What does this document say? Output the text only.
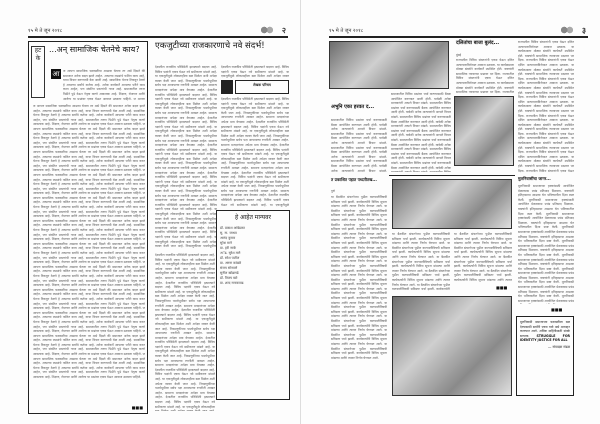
१५ मे ते जून २०१८	२
हट के
...अन् सामाजिक चेतनेचे काय?
आ	ज आपण सामाजिक चळवळीचा आढावा घेतला तर असे दिसते की समाजात अनेक बदल झाले आहेत. आपल्या लढ्यांचे फलित काय आहे, याचा विचार करण्याची वेळ आली आहे. सामाजिक चेतना टिकवून ठेवणे हे आपल्या सर्वांचे कर्तव्य आहे. अनेक कार्यकर्ते आपल्या परीने काम करत आहेत, पण संघटित प्रयत्नांची गरज आहे. समाजातील तरुण पिढीने पुढे येऊन नेतृत्व करणे आवश्यक आहे. शिक्षण, रोजगार आणि आरोग्य या प्रश्नांवर एकत्र येऊन आवाज उठवला पाहिजे. ज आपण
ज आपण सामाजिक चळवळीचा आढावा घेतला तर असे दिसते की समाजात अनेक बदल झाले आहेत. आपल्या लढ्यांचे फलित काय आहे, याचा विचार करण्याची वेळ आली आहे. सामाजिक चेतना टिकवून ठेवणे हे आपल्या सर्वांचे कर्तव्य आहे. अनेक कार्यकर्ते आपल्या परीने काम करत आहेत, पण संघटित प्रयत्नांची गरज आहे. समाजातील तरुण पिढीने पुढे येऊन नेतृत्व करणे आवश्यक आहे. शिक्षण, रोजगार आणि आरोग्य या प्रश्नांवर एकत्र येऊन आवाज उठवला पाहिजे. ज आपण सामाजिक चळवळीचा आढावा घेतला तर असे दिसते की समाजात अनेक बदल झाले आहेत. आपल्या लढ्यांचे फलित काय आहे, याचा विचार करण्याची वेळ आली आहे. सामाजिक चेतना टिकवून ठेवणे हे आपल्या सर्वांचे कर्तव्य आहे. अनेक कार्यकर्ते आपल्या परीने काम करत आहेत, पण संघटित प्रयत्नांची गरज आहे. समाजातील तरुण पिढीने पुढे येऊन नेतृत्व करणे आवश्यक आहे. शिक्षण, रोजगार आणि आरोग्य या प्रश्नांवर एकत्र येऊन आवाज उठवला पाहिजे. ज आपण सामाजिक चळवळीचा आढावा घेतला तर असे दिसते की समाजात अनेक बदल झाले आहेत. आपल्या लढ्यांचे फलित काय आहे, याचा विचार करण्याची वेळ आली आहे. सामाजिक चेतना टिकवून ठेवणे हे आपल्या सर्वांचे कर्तव्य आहे. अनेक कार्यकर्ते आपल्या परीने काम करत आहेत, पण संघटित प्रयत्नांची गरज आहे. समाजातील तरुण पिढीने पुढे येऊन नेतृत्व करणे आवश्यक आहे. शिक्षण, रोजगार आणि आरोग्य या प्रश्नांवर एकत्र येऊन आवाज उठवला पाहिजे. ज आपण सामाजिक चळवळीचा आढावा घेतला तर असे दिसते की समाजात अनेक बदल झाले आहेत. आपल्या लढ्यांचे फलित काय आहे, याचा विचार करण्याची वेळ आली आहे. सामाजिक चेतना टिकवून ठेवणे हे आपल्या सर्वांचे कर्तव्य आहे. अनेक कार्यकर्ते आपल्या परीने काम करत आहेत, पण संघटित प्रयत्नांची गरज आहे. समाजातील तरुण पिढीने पुढे येऊन नेतृत्व करणे आवश्यक आहे. शिक्षण, रोजगार आणि आरोग्य या प्रश्नांवर एकत्र येऊन आवाज उठवला पाहिजे. ज आपण सामाजिक चळवळीचा आढावा घेतला तर असे दिसते की समाजात अनेक बदल झाले आहेत. आपल्या लढ्यांचे फलित काय आहे, याचा विचार करण्याची वेळ आली आहे. सामाजिक चेतना टिकवून ठेवणे हे आपल्या सर्वांचे कर्तव्य आहे. अनेक कार्यकर्ते आपल्या परीने काम करत आहेत, पण संघटित प्रयत्नांची गरज आहे. समाजातील तरुण पिढीने पुढे येऊन नेतृत्व करणे आवश्यक आहे. शिक्षण, रोजगार आणि आरोग्य या प्रश्नांवर एकत्र येऊन आवाज उठवला पाहिजे. ज आपण सामाजिक चळवळीचा आढावा घेतला तर असे दिसते की समाजात अनेक बदल झाले आहेत. आपल्या लढ्यांचे फलित काय आहे, याचा विचार करण्याची वेळ आली आहे. सामाजिक चेतना टिकवून ठेवणे हे आपल्या सर्वांचे कर्तव्य आहे. अनेक कार्यकर्ते आपल्या परीने काम करत आहेत, पण संघटित प्रयत्नांची गरज आहे. समाजातील तरुण पिढीने पुढे येऊन नेतृत्व करणे आवश्यक आहे. शिक्षण, रोजगार आणि आरोग्य या प्रश्नांवर एकत्र येऊन आवाज उठवला पाहिजे. ज आपण सामाजिक चळवळीचा आढावा घेतला तर असे दिसते की समाजात अनेक बदल झाले आहेत. आपल्या लढ्यांचे फलित काय आहे, याचा विचार करण्याची वेळ आली आहे. सामाजिक चेतना टिकवून ठेवणे हे आपल्या सर्वांचे कर्तव्य आहे. अनेक कार्यकर्ते आपल्या परीने काम करत आहेत, पण संघटित प्रयत्नांची गरज आहे. समाजातील तरुण पिढीने पुढे येऊन नेतृत्व करणे आवश्यक आहे. शिक्षण, रोजगार आणि आरोग्य या प्रश्नांवर एकत्र येऊन आवाज उठवला पाहिजे. ज आपण सामाजिक चळवळीचा आढावा घेतला तर असे दिसते की समाजात अनेक बदल झाले आहेत. आपल्या लढ्यांचे फलित काय आहे, याचा विचार करण्याची वेळ आली आहे. सामाजिक चेतना टिकवून ठेवणे हे आपल्या सर्वांचे कर्तव्य आहे. अनेक कार्यकर्ते आपल्या परीने काम करत आहेत, पण संघटित प्रयत्नांची गरज आहे. समाजातील तरुण पिढीने पुढे येऊन नेतृत्व करणे आवश्यक आहे. शिक्षण, रोजगार आणि आरोग्य या प्रश्नांवर एकत्र येऊन आवाज उठवला पाहिजे. ज आपण सामाजिक चळवळीचा आढावा घेतला तर असे दिसते की समाजात अनेक बदल झाले आहेत. आपल्या लढ्यांचे फलित काय आहे, याचा विचार करण्याची वेळ आली आहे. सामाजिक चेतना टिकवून ठेवणे हे आपल्या सर्वांचे कर्तव्य आहे. अनेक कार्यकर्ते आपल्या परीने काम करत आहेत, पण संघटित प्रयत्नांची गरज आहे. समाजातील तरुण पिढीने पुढे येऊन नेतृत्व करणे आवश्यक आहे. शिक्षण, रोजगार आणि आरोग्य या प्रश्नांवर एकत्र येऊन आवाज उठवला पाहिजे. ज आपण सामाजिक चळवळीचा आढावा घेतला तर असे दिसते की समाजात अनेक बदल झाले आहेत. आपल्या लढ्यांचे फलित काय आहे, याचा विचार करण्याची वेळ आली आहे. सामाजिक चेतना टिकवून ठेवणे हे आपल्या सर्वांचे कर्तव्य आहे. अनेक कार्यकर्ते आपल्या परीने काम करत आहेत, पण संघटित प्रयत्नांची गरज आहे. समाजातील तरुण पिढीने पुढे येऊन नेतृत्व करणे आवश्यक आहे. शिक्षण, रोजगार आणि आरोग्य या प्रश्नांवर एकत्र येऊन आवाज उठवला पाहिजे. ज आपण सामाजिक चळवळीचा आढावा घेतला तर असे दिसते की समाजात अनेक बदल झाले आहेत. आपल्या लढ्यांचे फलित काय आहे, याचा विचार करण्याची वेळ आली आहे. सामाजिक चेतना टिकवून ठेवणे हे आपल्या सर्वांचे कर्तव्य आहे. अनेक कार्यकर्ते आपल्या परीने काम करत आहेत, पण संघटित प्रयत्नांची गरज आहे. समाजातील तरुण पिढीने पुढे येऊन नेतृत्व करणे आवश्यक आहे. शिक्षण, रोजगार आणि आरोग्य या प्रश्नांवर एकत्र येऊन आवाज उठवला पाहिजे. ज आपण सामाजिक चळवळीचा आढावा घेतला तर असे दिसते की समाजात अनेक बदल झाले आहेत. आपल्या लढ्यांचे फलित काय आहे, याचा विचार करण्याची वेळ आली आहे. सामाजिक चेतना टिकवून ठेवणे हे आपल्या सर्वांचे कर्तव्य आहे. अनेक कार्यकर्ते आपल्या परीने काम करत आहेत, पण संघटित प्रयत्नांची गरज आहे. समाजातील तरुण पिढीने पुढे येऊन नेतृत्व करणे आवश्यक आहे. शिक्षण, रोजगार आणि आरोग्य या प्रश्नांवर एकत्र येऊन आवाज उठवला पाहिजे.
■■■
एकजुटीच्या राजकारणाचे नवे संदर्भ!
देशातील राजकीय परिस्थिती झपाट्याने बदलत आहे. विविध पक्षांनी एकत्र येऊन नवे समीकरण मांडले आहे. या एकजुटीमुळे लोकशाहीला बळ मिळेल अशी अपेक्षा व्यक्त केली जात आहे. निवडणुकीच्या पार्श्वभूमीवर सर्वच पक्ष आपापल्या रणनीती आखत आहेत. सामान्य मतदारांच्या अपेक्षा मात्र वेगळ्या आहेत. देशातील राजकीय परिस्थिती झपाट्याने बदलत आहे. विविध पक्षांनी एकत्र येऊन नवे समीकरण मांडले आहे. या एकजुटीमुळे लोकशाहीला बळ मिळेल अशी अपेक्षा व्यक्त केली जात आहे. निवडणुकीच्या पार्श्वभूमीवर सर्वच पक्ष आपापल्या रणनीती आखत आहेत. सामान्य मतदारांच्या अपेक्षा मात्र वेगळ्या आहेत. देशातील राजकीय परिस्थिती झपाट्याने बदलत आहे. विविध पक्षांनी एकत्र येऊन नवे समीकरण मांडले आहे. या एकजुटीमुळे लोकशाहीला बळ मिळेल अशी अपेक्षा व्यक्त केली जात आहे. निवडणुकीच्या पार्श्वभूमीवर सर्वच पक्ष आपापल्या रणनीती आखत आहेत. सामान्य मतदारांच्या अपेक्षा मात्र वेगळ्या आहेत. देशातील राजकीय परिस्थिती झपाट्याने बदलत आहे. विविध पक्षांनी एकत्र येऊन नवे समीकरण मांडले आहे. या एकजुटीमुळे लोकशाहीला बळ मिळेल अशी अपेक्षा व्यक्त केली जात आहे. निवडणुकीच्या पार्श्वभूमीवर सर्वच पक्ष आपापल्या रणनीती आखत आहेत. सामान्य मतदारांच्या अपेक्षा मात्र वेगळ्या आहेत. देशातील राजकीय परिस्थिती झपाट्याने बदलत आहे. विविध पक्षांनी एकत्र येऊन नवे समीकरण मांडले आहे. या एकजुटीमुळे लोकशाहीला बळ मिळेल अशी अपेक्षा व्यक्त केली जात आहे. निवडणुकीच्या पार्श्वभूमीवर सर्वच पक्ष आपापल्या रणनीती आखत आहेत. सामान्य मतदारांच्या अपेक्षा मात्र वेगळ्या आहेत. देशातील राजकीय परिस्थिती झपाट्याने बदलत आहे. विविध पक्षांनी एकत्र येऊन नवे समीकरण मांडले आहे. या एकजुटीमुळे लोकशाहीला बळ मिळेल अशी अपेक्षा व्यक्त केली जात आहे. निवडणुकीच्या पार्श्वभूमीवर सर्वच पक्ष आपापल्या रणनीती आखत आहेत. सामान्य मतदारांच्या अपेक्षा मात्र वेगळ्या आहेत. देशातील राजकीय परिस्थिती झपाट्याने बदलत आहे. विविध पक्षांनी एकत्र येऊन नवे समीकरण मांडले आहे. या एकजुटीमुळे लोकशाहीला बळ मिळेल अशी अपेक्षा व्यक्त केली जात आहे. निवडणुकीच्या पार्श्वभूमीवर
देशातील राजकीय परिस्थिती झपाट्याने बदलत आहे. विविध पक्षांनी एकत्र येऊन नवे समीकरण मांडले आहे. या एकजुटीमुळे लोकशाहीला बळ मिळेल अशी अपेक्षा व्यक्त
लेखक परिचय
देशातील राजकीय परिस्थिती झपाट्याने बदलत आहे. विविध पक्षांनी एकत्र येऊन नवे समीकरण मांडले आहे. या एकजुटीमुळे लोकशाहीला बळ मिळेल अशी अपेक्षा व्यक्त केली जात आहे. निवडणुकीच्या पार्श्वभूमीवर सर्वच पक्ष आपापल्या रणनीती आखत आहेत. सामान्य मतदारांच्या अपेक्षा मात्र वेगळ्या आहेत. देशातील राजकीय परिस्थिती झपाट्याने बदलत आहे. विविध पक्षांनी एकत्र येऊन नवे समीकरण मांडले आहे. या एकजुटीमुळे लोकशाहीला बळ मिळेल अशी अपेक्षा व्यक्त केली जात आहे. निवडणुकीच्या पार्श्वभूमीवर सर्वच पक्ष आपापल्या रणनीती आखत आहेत. सामान्य मतदारांच्या अपेक्षा मात्र वेगळ्या आहेत. देशातील राजकीय परिस्थिती झपाट्याने बदलत आहे. विविध पक्षांनी एकत्र येऊन नवे समीकरण मांडले आहे. या एकजुटीमुळे लोकशाहीला बळ मिळेल अशी अपेक्षा व्यक्त केली जात आहे. निवडणुकीच्या पार्श्वभूमीवर सर्वच पक्ष आपापल्या रणनीती आखत आहेत. सामान्य मतदारांच्या अपेक्षा मात्र वेगळ्या आहेत. देशातील राजकीय परिस्थिती झपाट्याने बदलत आहे. विविध पक्षांनी एकत्र येऊन नवे समीकरण मांडले आहे. या एकजुटीमुळे लोकशाहीला बळ मिळेल अशी अपेक्षा व्यक्त केली जात आहे. निवडणुकीच्या पार्श्वभूमीवर सर्वच पक्ष आपापल्या रणनीती आखत आहेत. सामान्य मतदारांच्या अपेक्षा मात्र वेगळ्या आहेत. देशातील राजकीय परिस्थिती झपाट्याने बदलत आहे. विविध पक्षांनी एकत्र येऊन नवे समीकरण मांडले आहे. या एकजुटीमुळे
देशातील राजकीय परिस्थिती झपाट्याने बदलत आहे. विविध पक्षांनी एकत्र येऊन नवे समीकरण मांडले आहे. या एकजुटीमुळे लोकशाहीला बळ मिळेल अशी अपेक्षा व्यक्त केली जात आहे. निवडणुकीच्या पार्श्वभूमीवर सर्वच पक्ष आपापल्या रणनीती आखत आहेत. सामान्य मतदारांच्या अपेक्षा मात्र वेगळ्या आहेत. देशातील राजकीय परिस्थिती झपाट्याने बदलत आहे. विविध पक्षांनी एकत्र येऊन नवे समीकरण मांडले आहे. या एकजुटीमुळे लोकशाहीला बळ मिळेल अशी अपेक्षा व्यक्त केली जात आहे. निवडणुकीच्या पार्श्वभूमीवर सर्वच पक्ष आपापल्या रणनीती आखत आहेत. सामान्य मतदारांच्या अपेक्षा मात्र वेगळ्या आहेत. देशातील राजकीय परिस्थिती झपाट्याने बदलत आहे. विविध पक्षांनी एकत्र येऊन नवे समीकरण मांडले आहे. या एकजुटीमुळे लोकशाहीला बळ मिळेल अशी अपेक्षा व्यक्त केली जात आहे. निवडणुकीच्या पार्श्वभूमीवर सर्वच पक्ष आपापल्या रणनीती आखत आहेत. सामान्य मतदारांच्या अपेक्षा मात्र वेगळ्या आहेत. देशातील राजकीय परिस्थिती झपाट्याने बदलत आहे. विविध पक्षांनी एकत्र येऊन नवे समीकरण मांडले आहे. या एकजुटीमुळे लोकशाहीला बळ मिळेल अशी अपेक्षा व्यक्त केली जात आहे. निवडणुकीच्या पार्श्वभूमीवर सर्वच पक्ष आपापल्या रणनीती आखत आहेत. सामान्य मतदारांच्या अपेक्षा मात्र वेगळ्या आहेत. देशातील राजकीय परिस्थिती झपाट्याने बदलत आहे. विविध पक्षांनी एकत्र येऊन नवे समीकरण मांडले आहे. या एकजुटीमुळे लोकशाहीला बळ मिळेल अशी अपेक्षा व्यक्त केली जात आहे. निवडणुकीच्या पार्श्वभूमीवर सर्वच पक्ष आपापल्या रणनीती आखत आहेत. सामान्य मतदारांच्या अपेक्षा मात्र वेगळ्या आहेत. देशातील राजकीय परिस्थिती झपाट्याने बदलत आहे. विविध पक्षांनी एकत्र येऊन नवे समीकरण मांडले आहे. या एकजुटीमुळे लोकशाहीला
हे आहेत मान्यवर
डॉ. प्रकाश आंबेडकर
सु. ना. जाधव
आनंद कुमार
सुरेश माने
प्रा. हरी नरके
अॅड. सुरेश माने
डॉ. रमेश पाटील
प्रा. अरुण कांबळे
संजय सोनवणे
सुनील खोब्रागडे
डॉ. विजय खरे
प्रा. शरद गायकवाड
१५ मे ते जून २०१८	३
अभुनि एका हरवत द...
समाजातील विविध प्रश्नांवर चर्चा करण्यासाठी बैठक आयोजित करण्यात आली होती. यावेळी अनेक मान्यवरांनी आपले विचार मांडले. समाजातील विविध प्रश्नांवर चर्चा करण्यासाठी बैठक आयोजित करण्यात आली होती. यावेळी अनेक मान्यवरांनी आपले विचार मांडले. समाजातील विविध प्रश्नांवर चर्चा करण्यासाठी बैठक आयोजित करण्यात आली होती. यावेळी अनेक मान्यवरांनी आपले विचार मांडले. समाजातील विविध प्रश्नांवर चर्चा करण्यासाठी बैठक आयोजित करण्यात आली होती. यावेळी अनेक मान्यवरांनी आपले विचार मांडले.
समाजातील विविध प्रश्नांवर चर्चा करण्यासाठी बैठक आयोजित करण्यात आली होती. यावेळी अनेक मान्यवरांनी आपले विचार मांडले. समाजातील विविध प्रश्नांवर चर्चा करण्यासाठी बैठक आयोजित करण्यात आली होती. यावेळी अनेक मान्यवरांनी आपले विचार मांडले. समाजातील विविध प्रश्नांवर चर्चा करण्यासाठी बैठक आयोजित करण्यात आली होती. यावेळी अनेक मान्यवरांनी आपले विचार मांडले. समाजातील विविध प्रश्नांवर चर्चा करण्यासाठी बैठक आयोजित करण्यात आली होती. यावेळी अनेक मान्यवरांनी आपले विचार मांडले. समाजातील विविध प्रश्नांवर चर्चा करण्यासाठी बैठक आयोजित करण्यात आली होती. यावेळी अनेक मान्यवरांनी आपले विचार मांडले. समाजातील विविध प्रश्नांवर चर्चा करण्यासाठी बैठक आयोजित करण्यात आली होती. यावेळी अनेक मान्यवरांनी आपले विचार मांडले. समाजातील विविध प्रश्नांवर चर्चा करण्यासाठी बैठक आयोजित करण्यात आली होती. यावेळी अनेक
दलितांचा बाजा बुलंद...
मुंबई
राज्यातील विविध संघटनांनी एकत्र येऊन दलित अत्याचाराविरोधात आवाज उठवला. या कार्यक्रमाला मोठ्या संख्येने कार्यकर्ते उपस्थित होते. वक्त्यांनी सामाजिक न्यायाच्या प्रश्नावर भर दिला. राज्यातील विविध संघटनांनी एकत्र येऊन दलित अत्याचाराविरोधात आवाज उठवला. या कार्यक्रमाला मोठ्या संख्येने कार्यकर्ते उपस्थित होते. वक्त्यांनी सामाजिक न्यायाच्या प्रश्नावर भर दिला. राज्यातील
राज्यातील विविध संघटनांनी एकत्र येऊन दलित अत्याचाराविरोधात आवाज उठवला. या कार्यक्रमाला मोठ्या संख्येने कार्यकर्ते उपस्थित होते. वक्त्यांनी सामाजिक न्यायाच्या प्रश्नावर भर दिला. राज्यातील विविध संघटनांनी एकत्र येऊन दलित अत्याचाराविरोधात आवाज उठवला. या कार्यक्रमाला मोठ्या संख्येने कार्यकर्ते उपस्थित होते. वक्त्यांनी सामाजिक न्यायाच्या प्रश्नावर भर दिला. राज्यातील विविध संघटनांनी एकत्र येऊन दलित अत्याचाराविरोधात आवाज उठवला. या कार्यक्रमाला मोठ्या संख्येने कार्यकर्ते उपस्थित होते. वक्त्यांनी सामाजिक न्यायाच्या प्रश्नावर भर दिला. राज्यातील विविध संघटनांनी एकत्र येऊन दलित अत्याचाराविरोधात आवाज उठवला. या कार्यक्रमाला मोठ्या संख्येने कार्यकर्ते उपस्थित होते. वक्त्यांनी सामाजिक न्यायाच्या प्रश्नावर भर दिला. राज्यातील विविध संघटनांनी एकत्र येऊन दलित अत्याचाराविरोधात आवाज उठवला. या कार्यक्रमाला मोठ्या संख्येने कार्यकर्ते उपस्थित होते. वक्त्यांनी सामाजिक न्यायाच्या प्रश्नावर भर दिला. राज्यातील विविध संघटनांनी एकत्र येऊन दलित अत्याचाराविरोधात आवाज उठवला. या कार्यक्रमाला मोठ्या संख्येने कार्यकर्ते उपस्थित होते. वक्त्यांनी सामाजिक न्यायाच्या प्रश्नावर भर दिला. राज्यातील विविध संघटनांनी एकत्र येऊन दलित अत्याचाराविरोधात आवाज उठवला. या कार्यक्रमाला मोठ्या संख्येने कार्यकर्ते उपस्थित होते. वक्त्यांनी सामाजिक न्यायाच्या प्रश्नावर भर दिला. राज्यातील विविध संघटनांनी एकत्र येऊन
मुलनिवासींचा जागर...
मूलनिवासी समाजाच्या हक्कांसाठी आयोजित मेळाव्यास प्रचंड प्रतिसाद मिळाला. वक्त्यांनी इतिहासाचा आढावा घेत भविष्यातील दिशा स्पष्ट केली. मूलनिवासी समाजाच्या हक्कांसाठी आयोजित मेळाव्यास प्रचंड प्रतिसाद मिळाला. वक्त्यांनी इतिहासाचा आढावा घेत भविष्यातील दिशा स्पष्ट केली. मूलनिवासी समाजाच्या हक्कांसाठी आयोजित मेळाव्यास प्रचंड प्रतिसाद मिळाला. वक्त्यांनी इतिहासाचा आढावा घेत भविष्यातील दिशा स्पष्ट केली. मूलनिवासी समाजाच्या हक्कांसाठी आयोजित मेळाव्यास प्रचंड प्रतिसाद मिळाला. वक्त्यांनी इतिहासाचा आढावा घेत भविष्यातील दिशा स्पष्ट केली. मूलनिवासी समाजाच्या हक्कांसाठी आयोजित मेळाव्यास प्रचंड प्रतिसाद मिळाला. वक्त्यांनी इतिहासाचा आढावा घेत भविष्यातील दिशा स्पष्ट केली. मूलनिवासी समाजाच्या हक्कांसाठी आयोजित मेळाव्यास प्रचंड प्रतिसाद मिळाला. वक्त्यांनी इतिहासाचा आढावा घेत भविष्यातील दिशा स्पष्ट केली. मूलनिवासी समाजाच्या हक्कांसाठी आयोजित मेळाव्यास प्रचंड प्रतिसाद मिळाला. वक्त्यांनी इतिहासाचा आढावा घेत भविष्यातील दिशा स्पष्ट केली. मूलनिवासी समाजाच्या हक्कांसाठी आयोजित मेळाव्यास प्रचंड प्रतिसाद मिळाला. वक्त्यांनी इतिहासाचा आढावा घेत भविष्यातील दिशा स्पष्ट केली. मूलनिवासी समाजाच्या हक्कांसाठी आयोजित मेळाव्यास प्रचंड
■■■
त प्रकाशित पहात पध्दतीतख...
पुणे
या बैठकीत संघटनेच्या पुढील वाटचालीविषयी सविस्तर चर्चा झाली. कार्यकर्त्यांनी विविध सूचना मांडल्या आणि त्यावर निर्णय घेण्यात आले. या बैठकीत संघटनेच्या पुढील वाटचालीविषयी सविस्तर चर्चा झाली. कार्यकर्त्यांनी विविध सूचना मांडल्या आणि त्यावर निर्णय घेण्यात आले. या बैठकीत संघटनेच्या पुढील वाटचालीविषयी सविस्तर चर्चा झाली. कार्यकर्त्यांनी विविध सूचना मांडल्या आणि त्यावर निर्णय घेण्यात आले. या बैठकीत संघटनेच्या पुढील वाटचालीविषयी सविस्तर चर्चा झाली. कार्यकर्त्यांनी विविध सूचना मांडल्या आणि त्यावर निर्णय घेण्यात आले. या बैठकीत संघटनेच्या पुढील वाटचालीविषयी सविस्तर चर्चा झाली. कार्यकर्त्यांनी विविध सूचना मांडल्या आणि त्यावर निर्णय घेण्यात आले. या बैठकीत संघटनेच्या पुढील वाटचालीविषयी सविस्तर चर्चा झाली. कार्यकर्त्यांनी विविध सूचना मांडल्या आणि त्यावर निर्णय घेण्यात आले. या बैठकीत संघटनेच्या पुढील वाटचालीविषयी सविस्तर चर्चा झाली. कार्यकर्त्यांनी विविध सूचना मांडल्या आणि त्यावर निर्णय घेण्यात आले. या बैठकीत संघटनेच्या पुढील वाटचालीविषयी सविस्तर चर्चा झाली. कार्यकर्त्यांनी विविध सूचना मांडल्या आणि त्यावर निर्णय घेण्यात आले. या बैठकीत संघटनेच्या पुढील वाटचालीविषयी सविस्तर चर्चा झाली. कार्यकर्त्यांनी विविध सूचना मांडल्या आणि त्यावर निर्णय घेण्यात आले. या बैठकीत संघटनेच्या पुढील वाटचालीविषयी सविस्तर चर्चा झाली. कार्यकर्त्यांनी विविध सूचना मांडल्या आणि त्यावर निर्णय घेण्यात आले. या बैठकीत संघटनेच्या पुढील वाटचालीविषयी सविस्तर चर्चा झाली. कार्यकर्त्यांनी विविध सूचना मांडल्या आणि त्यावर निर्णय घेण्यात आले. या बैठकीत संघटनेच्या पुढील वाटचालीविषयी सविस्तर चर्चा झाली. कार्यकर्त्यांनी विविध सूचना मांडल्या आणि त्यावर निर्णय घेण्यात आले.
या बैठकीत संघटनेच्या पुढील वाटचालीविषयी सविस्तर चर्चा झाली. कार्यकर्त्यांनी विविध सूचना मांडल्या आणि त्यावर निर्णय घेण्यात आले. या बैठकीत संघटनेच्या पुढील वाटचालीविषयी सविस्तर चर्चा झाली. कार्यकर्त्यांनी विविध सूचना मांडल्या आणि त्यावर निर्णय घेण्यात आले. या बैठकीत संघटनेच्या पुढील वाटचालीविषयी सविस्तर चर्चा झाली. कार्यकर्त्यांनी विविध सूचना मांडल्या आणि त्यावर निर्णय घेण्यात आले. या बैठकीत संघटनेच्या पुढील वाटचालीविषयी सविस्तर चर्चा झाली. कार्यकर्त्यांनी विविध सूचना मांडल्या आणि त्यावर निर्णय घेण्यात आले. या बैठकीत संघटनेच्या पुढील वाटचालीविषयी सविस्तर चर्चा झाली. कार्यकर्त्यांनी
या बैठकीत संघटनेच्या पुढील वाटचालीविषयी सविस्तर चर्चा झाली. कार्यकर्त्यांनी विविध सूचना मांडल्या आणि त्यावर निर्णय घेण्यात आले. या बैठकीत संघटनेच्या पुढील वाटचालीविषयी सविस्तर चर्चा झाली. कार्यकर्त्यांनी विविध सूचना मांडल्या आणि त्यावर निर्णय घेण्यात आले. या बैठकीत संघटनेच्या पुढील वाटचालीविषयी सविस्तर चर्चा झाली. कार्यकर्त्यांनी विविध सूचना मांडल्या आणि त्यावर निर्णय घेण्यात आले. या बैठकीत संघटनेच्या पुढील वाटचालीविषयी सविस्तर चर्चा झाली. कार्यकर्त्यांनी विविध सूचना मांडल्या आणि त्यावर
■■■
मूलनिवासी समाजाच्या चळवळीला बळ देण्यासाठी सर्वांनी एकत्र यावे असे आवाहन करण्यात आले. अधिक माहितीसाठी संपर्क साधावा. STRUGGLE FOR IDENTITY JUSTICE FOR ALL
— संपादक मंडळ
